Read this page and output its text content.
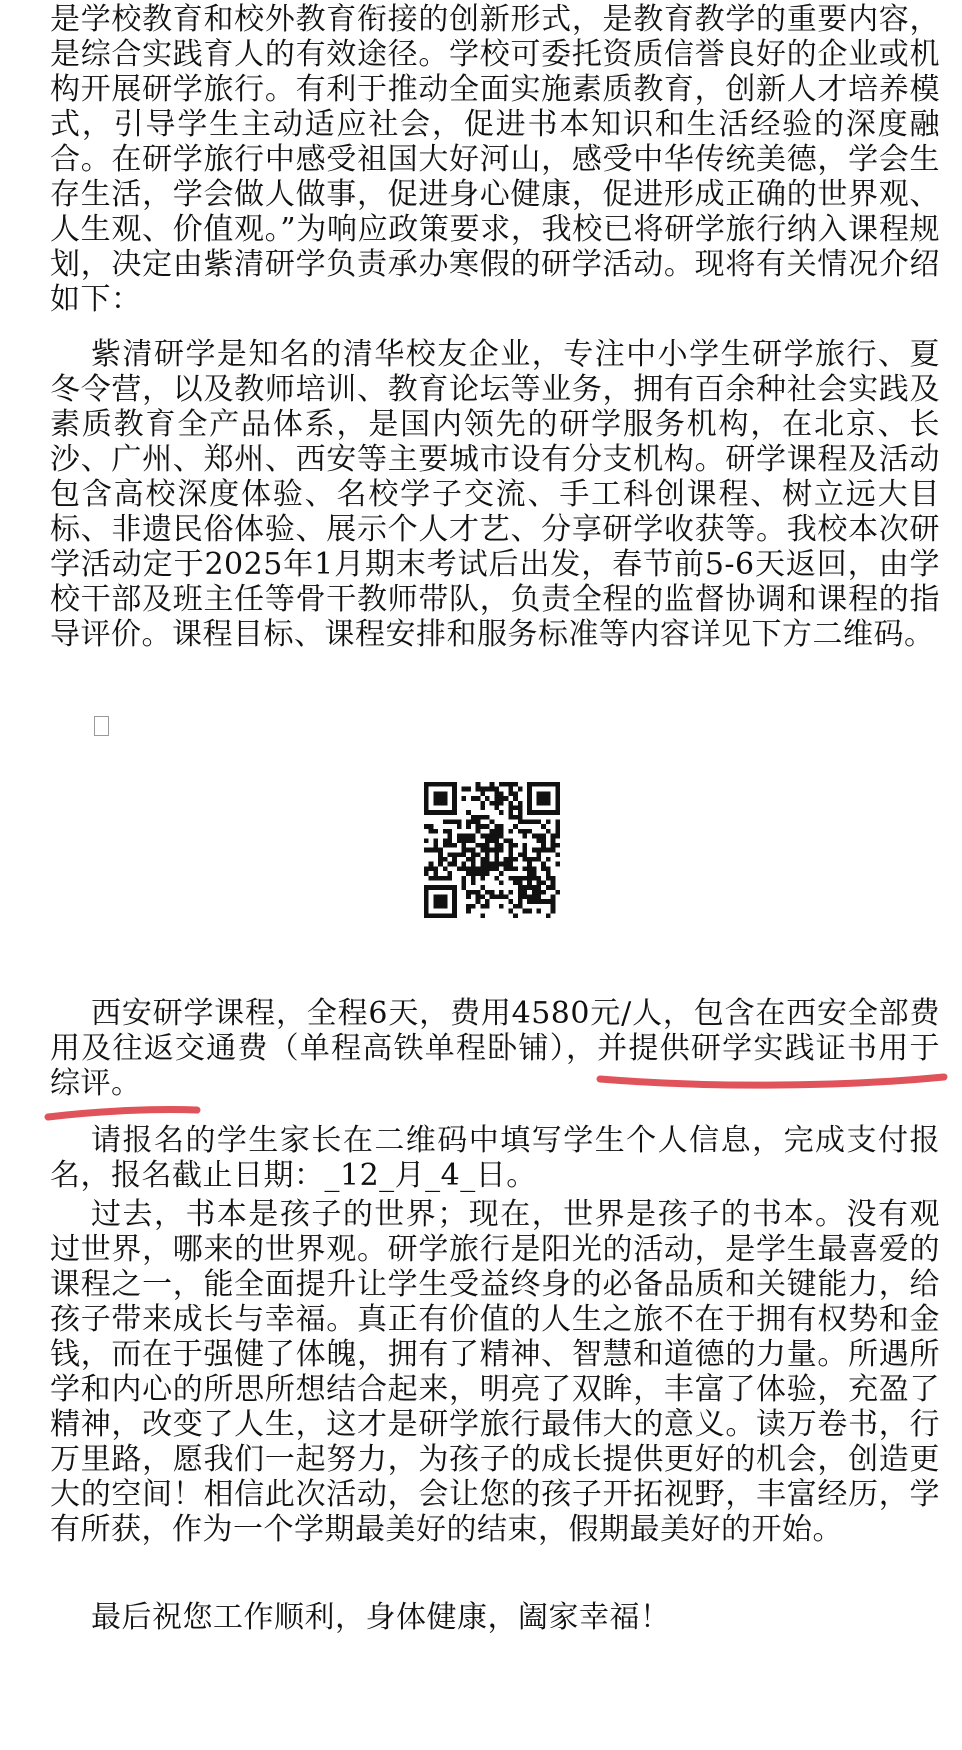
是学校教育和校外教育衔接的创新形式，是教育教学的重要内容，是综合实践育人的有效途径。学校可委托资质信誉良好的企业或机构开展研学旅行。有利于推动全面实施素质教育，创新人才培养模式，引导学生主动适应社会，促进书本知识和生活经验的深度融合。在研学旅行中感受祖国大好河山，感受中华传统美德，学会生存生活，学会做人做事，促进身心健康，促进形成正确的世界观、人生观、价值观。”为响应政策要求，我校已将研学旅行纳入课程规划，决定由紫清研学负责承办寒假的研学活动。现将有关情况介绍如下：

紫清研学是知名的清华校友企业，专注中小学生研学旅行、夏冬令营，以及教师培训、教育论坛等业务，拥有百余种社会实践及素质教育全产品体系，是国内领先的研学服务机构，在北京、长沙、广州、郑州、西安等主要城市设有分支机构。研学课程及活动包含高校深度体验、名校学子交流、手工科创课程、树立远大目标、非遗民俗体验、展示个人才艺、分享研学收获等。我校本次研学活动定于2025年1月期末考试后出发，春节前5-6天返回，由学校干部及班主任等骨干教师带队，负责全程的监督协调和课程的指导评价。课程目标、课程安排和服务标准等内容详见下方二维码。

西安研学课程，全程6天，费用4580元/人，包含在西安全部费用及往返交通费（单程高铁单程卧铺），并提供研学实践证书用于综评。

请报名的学生家长在二维码中填写学生个人信息，完成支付报名，报名截止日期：_12_月_4_日。

过去，书本是孩子的世界；现在，世界是孩子的书本。没有观过世界，哪来的世界观。研学旅行是阳光的活动，是学生最喜爱的课程之一，能全面提升让学生受益终身的必备品质和关键能力，给孩子带来成长与幸福。真正有价值的人生之旅不在于拥有权势和金钱，而在于强健了体魄，拥有了精神、智慧和道德的力量。所遇所学和内心的所思所想结合起来，明亮了双眸，丰富了体验，充盈了精神，改变了人生，这才是研学旅行最伟大的意义。读万卷书，行万里路，愿我们一起努力，为孩子的成长提供更好的机会，创造更大的空间！相信此次活动，会让您的孩子开拓视野，丰富经历，学有所获，作为一个学期最美好的结束，假期最美好的开始。

最后祝您工作顺利，身体健康，阖家幸福！
